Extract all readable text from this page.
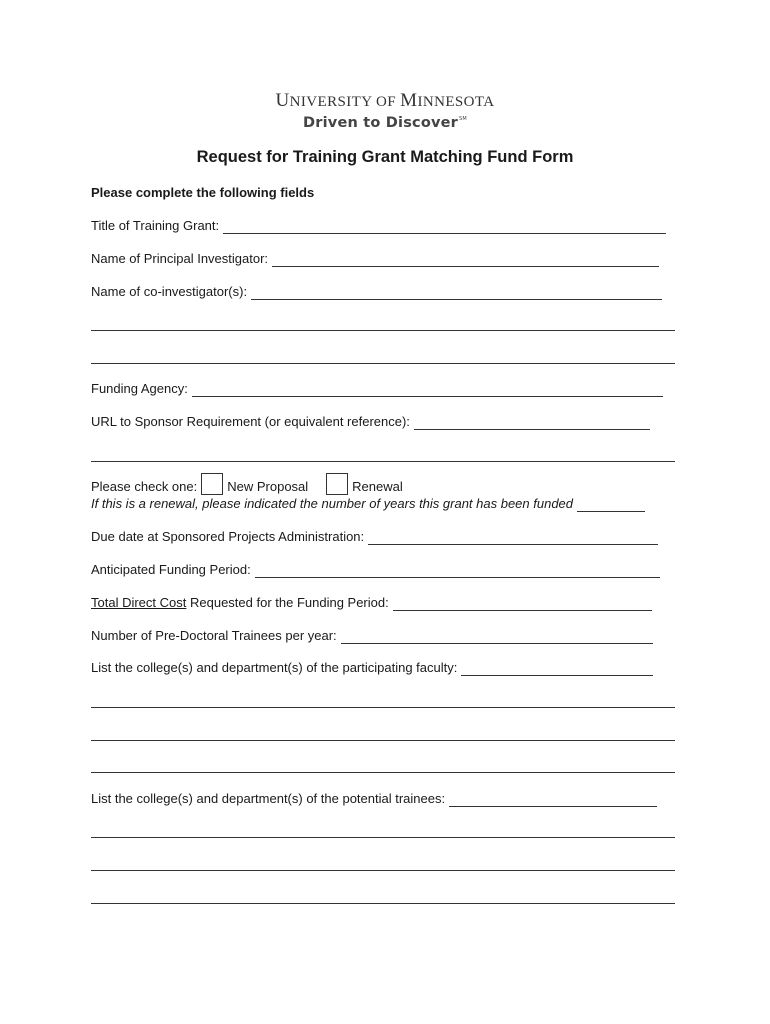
UNIVERSITY OF MINNESOTA
Driven to Discover℠
Request for Training Grant Matching Fund Form
Please complete the following fields
Title of Training Grant:
Name of Principal Investigator:
Name of co-investigator(s):
Funding Agency:
URL to Sponsor Requirement (or equivalent reference):
Please check one: New Proposal	Renewal
If this is a renewal, please indicated the number of years this grant has been funded
Due date at Sponsored Projects Administration:
Anticipated Funding Period:
Total Direct Cost Requested for the Funding Period:
Number of Pre-Doctoral Trainees per year:
List the college(s) and department(s) of the participating faculty:
List the college(s) and department(s) of the potential trainees:
